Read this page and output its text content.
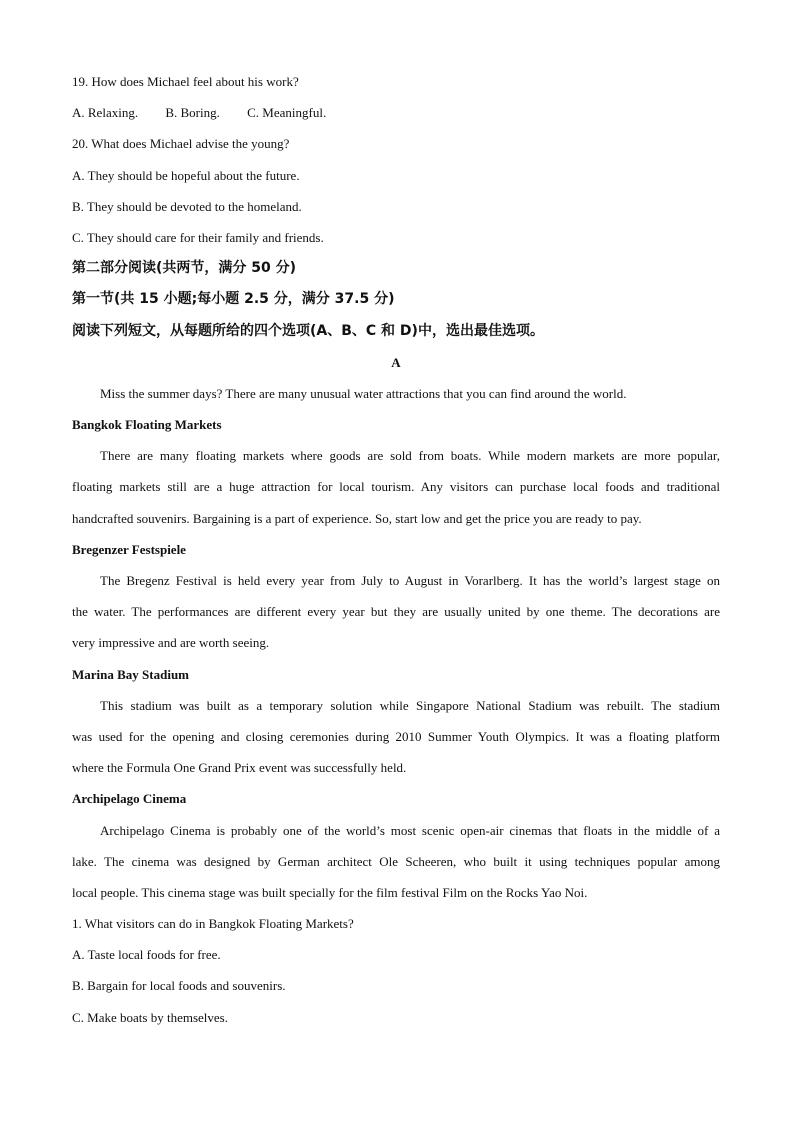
19. How does Michael feel about his work?
A. Relaxing. B. Boring. C. Meaningful.
20. What does Michael advise the young?
A. They should be hopeful about the future.
B. They should be devoted to the homeland.
C. They should care for their family and friends.
第二部分阅读(共两节，满分 50 分)
第一节(共 15 小题;每小题 2.5 分，满分 37.5 分)
阅读下列短文，从每题所给的四个选项(A、B、C 和 D)中，选出最佳选项。
A
Miss the summer days? There are many unusual water attractions that you can find around the world.
Bangkok Floating Markets
There are many floating markets where goods are sold from boats. While modern markets are more popular,
floating markets still are a huge attraction for local tourism. Any visitors can purchase local foods and traditional
handcrafted souvenirs. Bargaining is a part of experience. So, start low and get the price you are ready to pay.
Bregenzer Festspiele
The Bregenz Festival is held every year from July to August in Vorarlberg. It has the world’s largest stage on
the water. The performances are different every year but they are usually united by one theme. The decorations are
very impressive and are worth seeing.
Marina Bay Stadium
This stadium was built as a temporary solution while Singapore National Stadium was rebuilt. The stadium
was used for the opening and closing ceremonies during 2010 Summer Youth Olympics. It was a floating platform
where the Formula One Grand Prix event was successfully held.
Archipelago Cinema
Archipelago Cinema is probably one of the world’s most scenic open-air cinemas that floats in the middle of a
lake. The cinema was designed by German architect Ole Scheeren, who built it using techniques popular among
local people. This cinema stage was built specially for the film festival Film on the Rocks Yao Noi.
1. What visitors can do in Bangkok Floating Markets?
A. Taste local foods for free.
B. Bargain for local foods and souvenirs.
C. Make boats by themselves.
